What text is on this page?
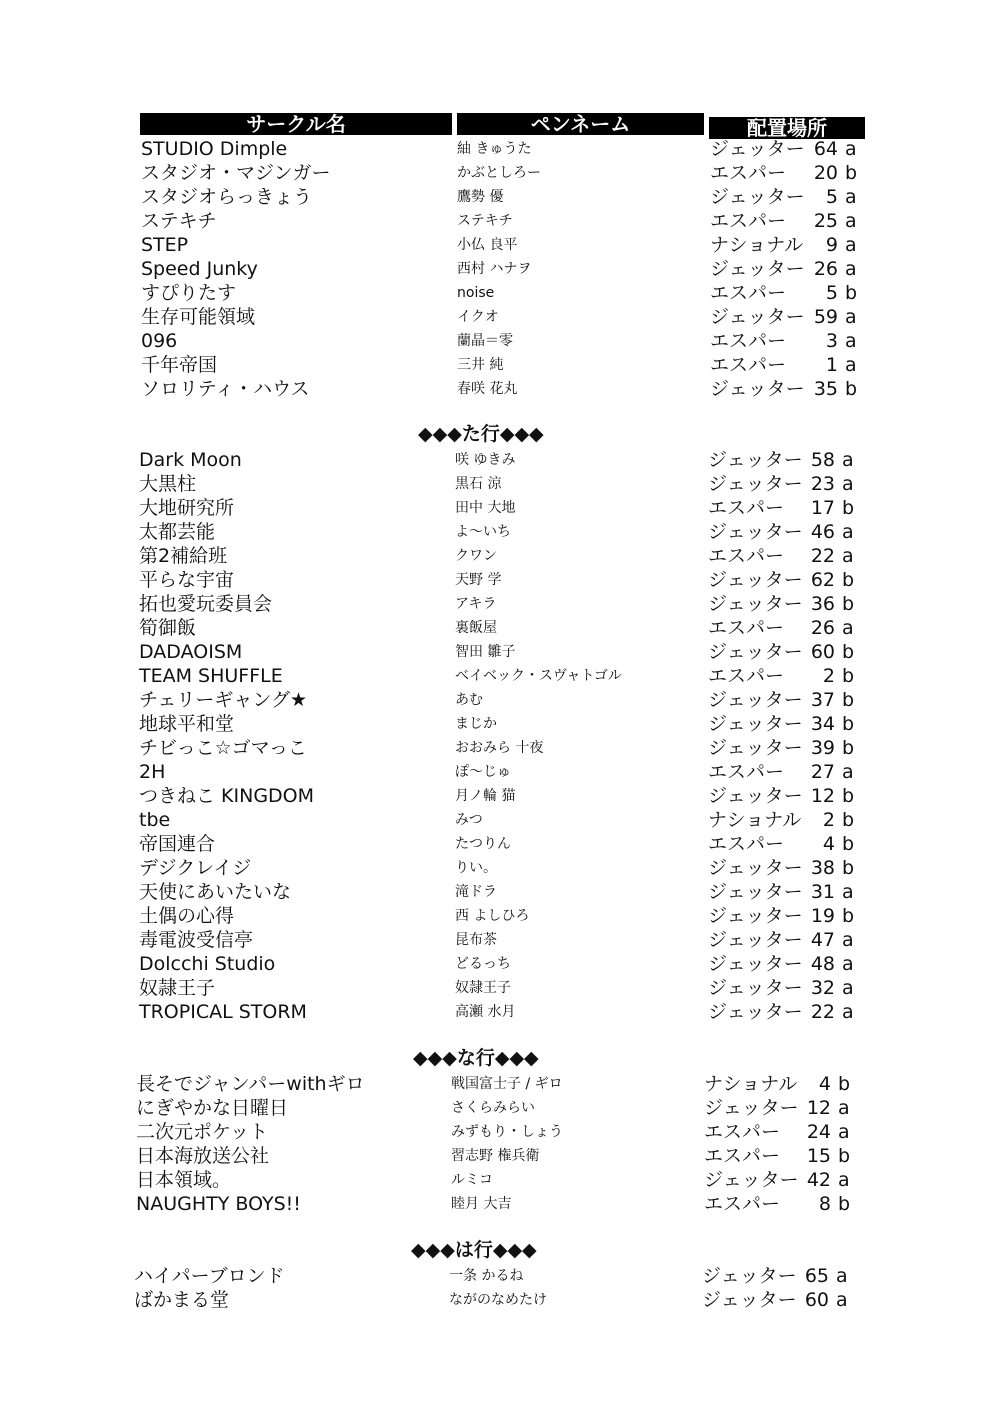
サークル名	ペンネーム	配置場所
STUDIO Dimple	紬 きゅうた	ジェッター 64 a
スタジオ・マジンガー	かぶとしろー	エスパー	20 b
スタジオらっきょう	鷹勢 優	ジェッター	5 a
ステキチ	ステキチ	エスパー	25 a
STEP	小仏 良平	ナショナル	9 a
Speed Junky	西村 ハナヲ	ジェッター 26 a
すぴりたす	noise	エスパー	5 b
生存可能領域	イクオ	ジェッター 59 a
096	蘭晶＝零	エスパー	3 a
千年帝国	三井 純	エスパー	1 a
ソロリティ・ハウス	春咲 花丸	ジェッター 35 b
◆◆◆た行◆◆◆
Dark Moon	咲 ゆきみ	ジェッター 58 a
大黒柱	黒石 涼	ジェッター 23 a
大地研究所	田中 大地	エスパー	17 b
太都芸能	よ～いち	ジェッター 46 a
第2補給班	クワン	エスパー	22 a
平らな宇宙	天野 学	ジェッター 62 b
拓也愛玩委員会	アキラ	ジェッター 36 b
筍御飯	裏飯屋	エスパー	26 a
DADAOISM	智田 雛子	ジェッター 60 b
TEAM SHUFFLE	ベイベック・スヴャトゴル	エスパー	2 b
チェリーギャング★	あむ	ジェッター 37 b
地球平和堂	まじか	ジェッター 34 b
チビっこ☆ゴマっこ	おおみら 十夜	ジェッター 39 b
2H	ぽ～じゅ	エスパー	27 a
つきねこ KINGDOM	月ノ輪 猫	ジェッター 12 b
tbe	みつ	ナショナル	2 b
帝国連合	たつりん	エスパー	4 b
デジクレイジ	りい。	ジェッター 38 b
天使にあいたいな	滝ドラ	ジェッター 31 a
土偶の心得	西 よしひろ	ジェッター 19 b
毒電波受信亭	昆布茶	ジェッター 47 a
Dolcchi Studio	どるっち	ジェッター 48 a
奴隷王子	奴隷王子	ジェッター 32 a
TROPICAL STORM	高瀬 水月	ジェッター 22 a
◆◆◆な行◆◆◆
長そでジャンパーwithギロ	戦国富士子 / ギロ	ナショナル	4 b
にぎやかな日曜日	さくらみらい	ジェッター 12 a
二次元ポケット	みずもり・しょう	エスパー	24 a
日本海放送公社	習志野 権兵衛	エスパー	15 b
日本領域。	ルミコ	ジェッター 42 a
NAUGHTY BOYS!!	睦月 大吉	エスパー	8 b
◆◆◆は行◆◆◆
ハイパーブロンド	一条 かるね	ジェッター 65 a
ばかまる堂	ながのなめたけ	ジェッター 60 a
